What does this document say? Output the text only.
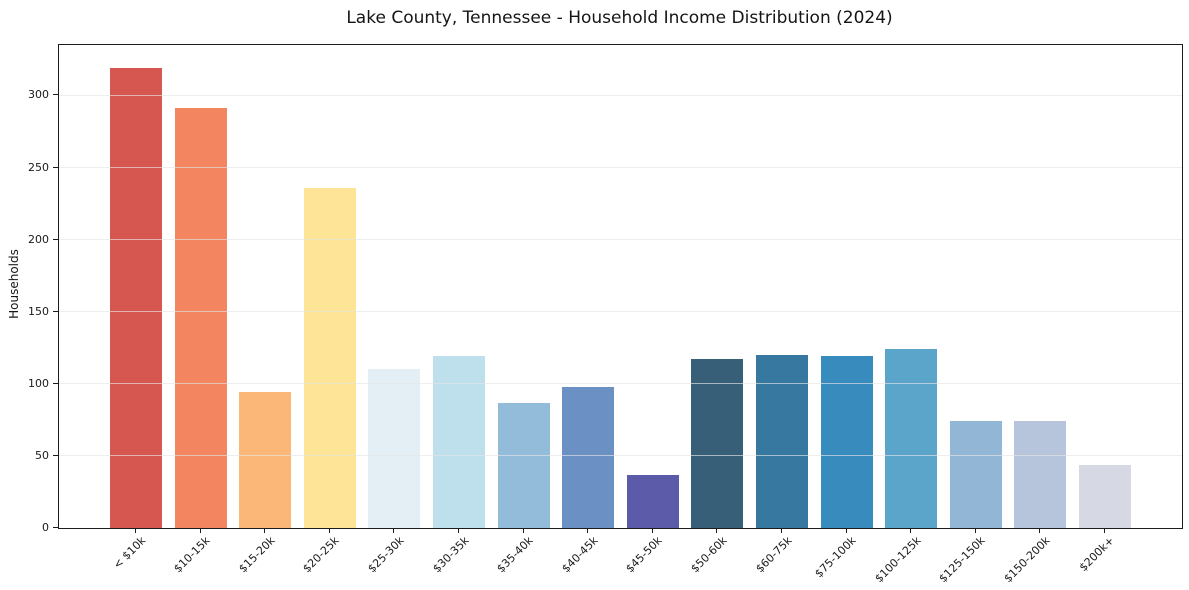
Lake County, Tennessee - Household Income Distribution (2024)
Households
0
50
100
150
200
250
300
< $10k $10-15k $15-20k $20-25k $25-30k $30-35k $35-40k $40-45k $45-50k $50-60k $60-75k $75-100k $100-125k $125-150k $150-200k $200k+
